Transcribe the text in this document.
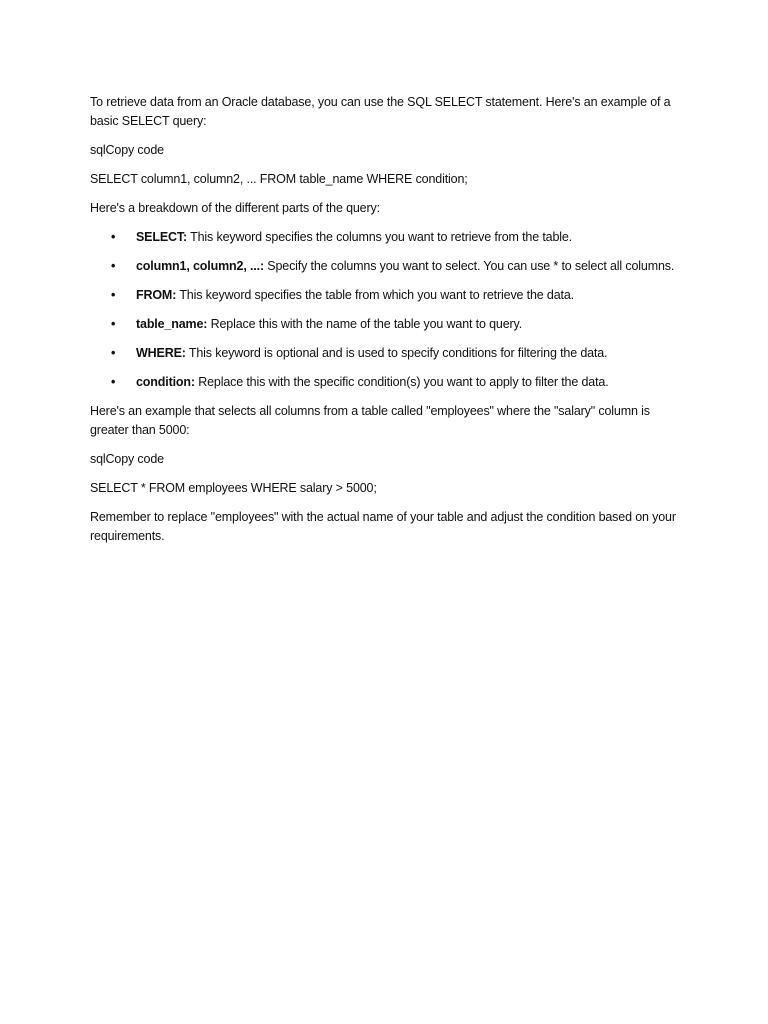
To retrieve data from an Oracle database, you can use the SQL SELECT statement. Here's an example of a basic SELECT query:

sqlCopy code

SELECT column1, column2, ... FROM table_name WHERE condition;

Here's a breakdown of the different parts of the query:

• SELECT: This keyword specifies the columns you want to retrieve from the table.
• column1, column2, ...: Specify the columns you want to select. You can use * to select all columns.
• FROM: This keyword specifies the table from which you want to retrieve the data.
• table_name: Replace this with the name of the table you want to query.
• WHERE: This keyword is optional and is used to specify conditions for filtering the data.
• condition: Replace this with the specific condition(s) you want to apply to filter the data.

Here's an example that selects all columns from a table called "employees" where the "salary" column is greater than 5000:

sqlCopy code

SELECT * FROM employees WHERE salary > 5000;

Remember to replace "employees" with the actual name of your table and adjust the condition based on your requirements.
